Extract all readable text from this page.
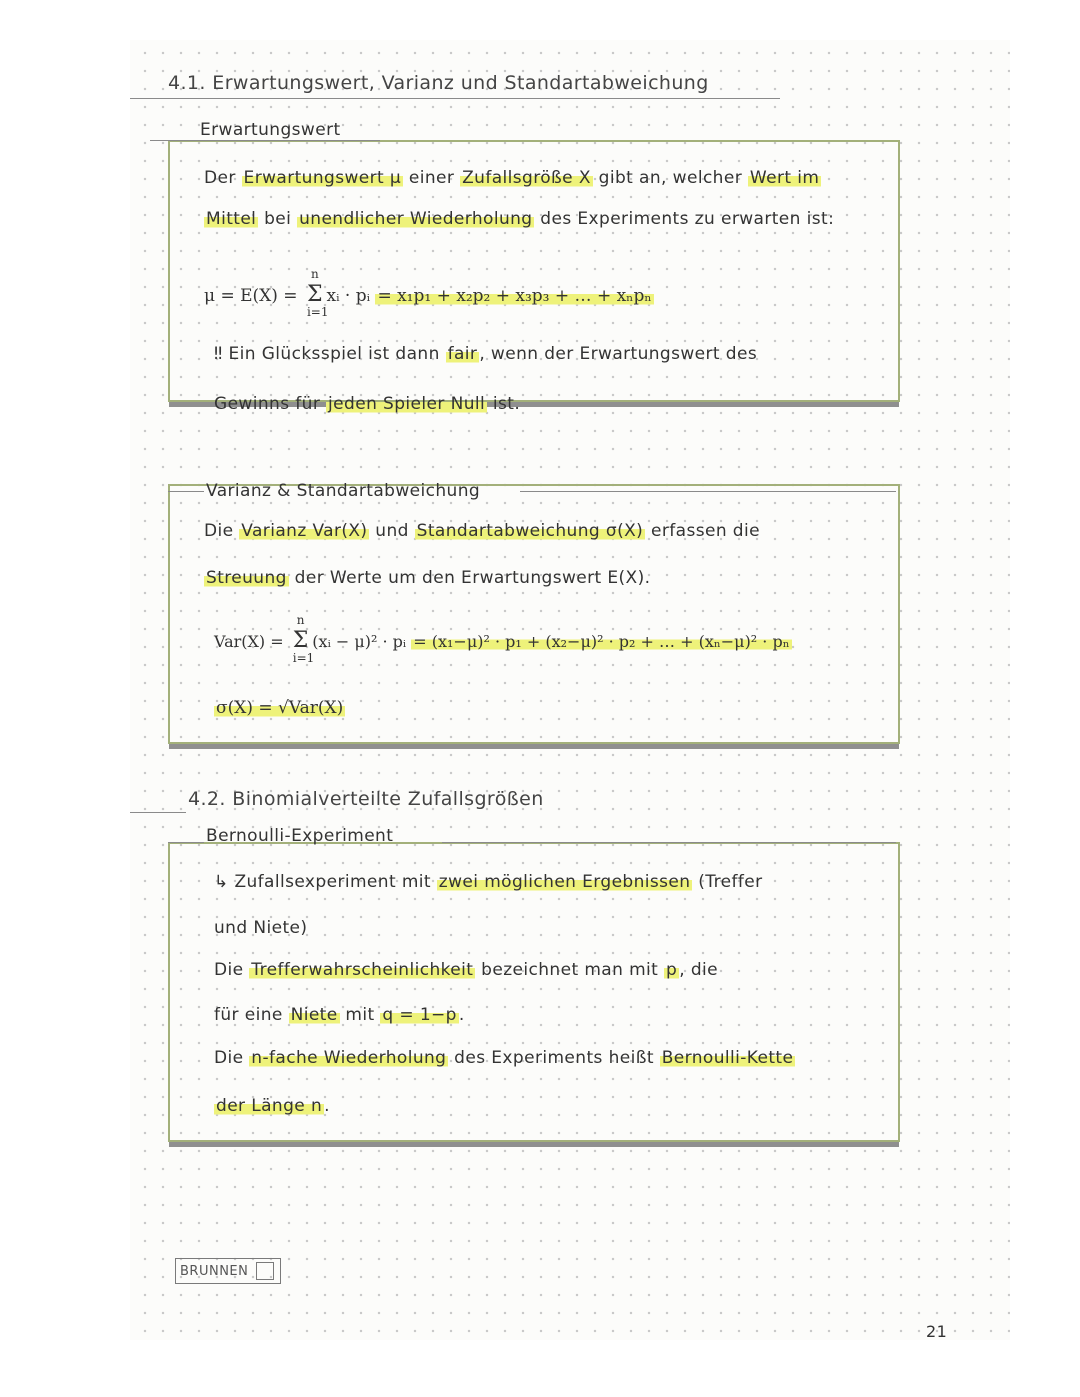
4.1. Erwartungswert, Varianz und Standartabweichung
Erwartungswert
Der Erwartungswert μ einer Zufallsgröße X gibt an, welcher Wert im
Mittel bei unendlicher Wiederholung des Experiments zu erwarten ist:
μ = E(X) = Σ
n
i=1
xᵢ · pᵢ = x₁p₁ + x₂p₂ + x₃p₃ + … + xₙpₙ
‼ Ein Glücksspiel ist dann fair , wenn der Erwartungswert des
Gewinns für jeden Spieler Null ist.
Varianz & Standartabweichung
Die Varianz Var(X) und Standartabweichung σ(X) erfassen die
Streuung der Werte um den Erwartungswert E(X).
Var(X) = Σ
n
i=1
(xᵢ − μ)² · pᵢ = (x₁−μ)² · p₁ + (x₂−μ)² · p₂ + … + (xₙ−μ)² · pₙ
σ(X) = √Var(X)
4.2. Binomialverteilte Zufallsgrößen
Bernoulli-Experiment
↳ Zufallsexperiment mit zwei möglichen Ergebnissen (Treffer
und Niete)
Die Trefferwahrscheinlichkeit bezeichnet man mit p , die
für eine Niete mit q = 1−p .
Die n-fache Wiederholung des Experiments heißt Bernoulli-Kette
der Länge n .
BRUNNEN
21
